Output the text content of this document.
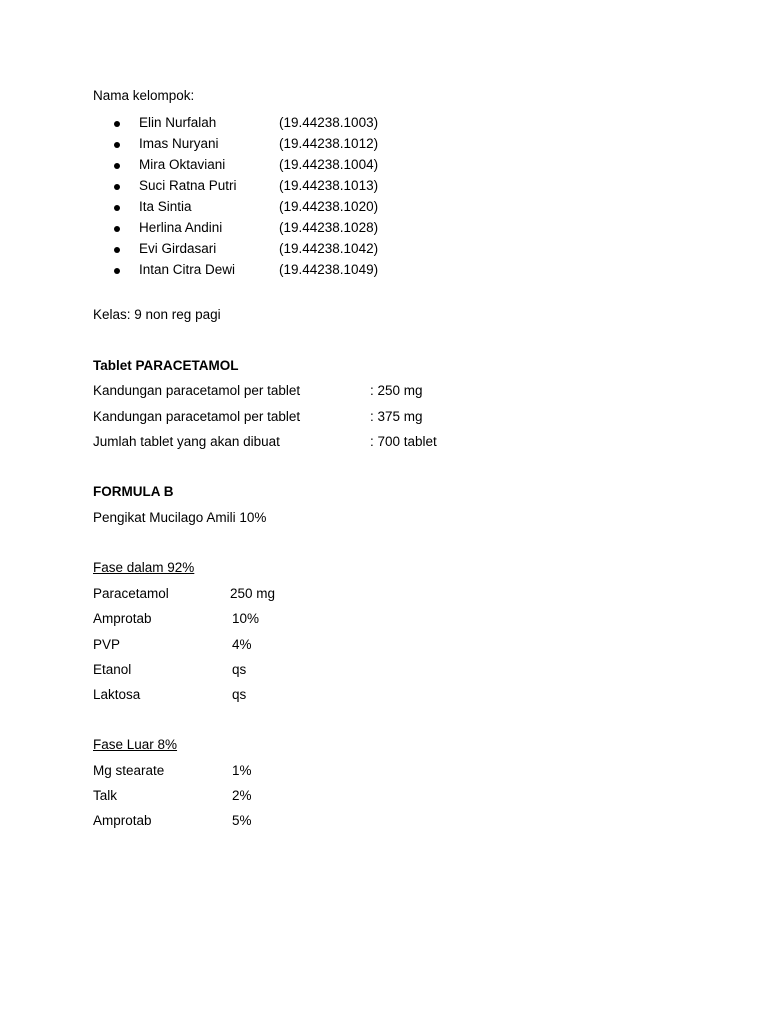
Nama kelompok:
Elin Nurfalah	(19.44238.1003)
Imas Nuryani	(19.44238.1012)
Mira Oktaviani	(19.44238.1004)
Suci Ratna Putri	(19.44238.1013)
Ita Sintia	(19.44238.1020)
Herlina Andini	(19.44238.1028)
Evi Girdasari	(19.44238.1042)
Intan Citra Dewi	(19.44238.1049)
Kelas: 9 non reg pagi
Tablet PARACETAMOL
Kandungan paracetamol per tablet	: 250 mg
Kandungan paracetamol per tablet	: 375 mg
Jumlah tablet yang akan dibuat	: 700 tablet
FORMULA B
Pengikat Mucilago Amili 10%
Fase dalam 92%
Paracetamol	250 mg
Amprotab	10%
PVP	4%
Etanol	qs
Laktosa	qs
Fase Luar 8%
Mg stearate	1%
Talk	2%
Amprotab	5%
